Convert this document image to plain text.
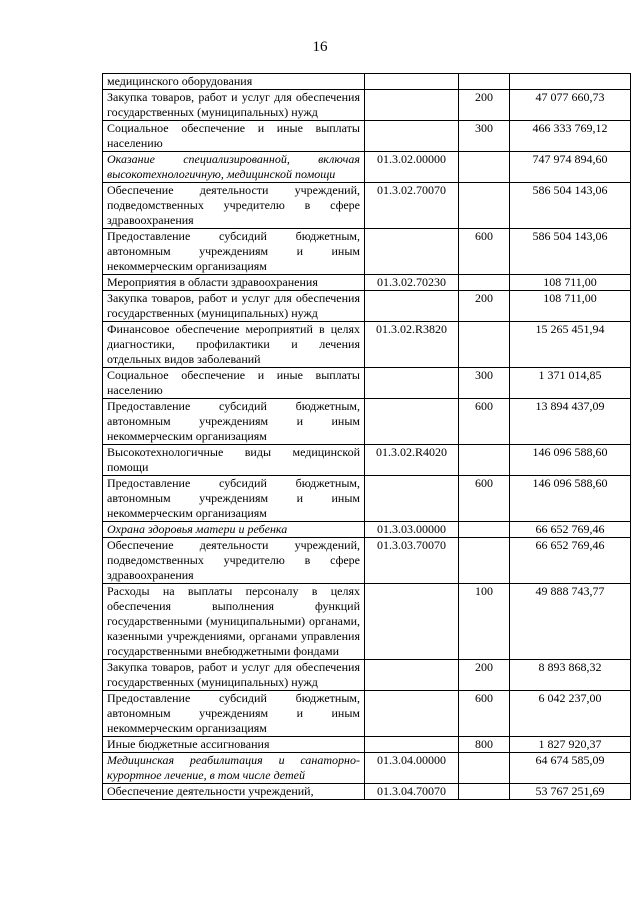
16
медицинского оборудования			
Закупка товаров, работ и услуг для обеспечения государственных (муниципальных) нужд		200	47 077 660,73
Социальное обеспечение и иные выплаты населению		300	466 333 769,12
Оказание специализированной, включая высокотехнологичную, медицинской помощи	01.3.02.00000		747 974 894,60
Обеспечение деятельности учреждений, подведомственных учредителю в сфере здравоохранения	01.3.02.70070		586 504 143,06
Предоставление субсидий бюджетным, автономным учреждениям и иным некоммерческим организациям		600	586 504 143,06
Мероприятия в области здравоохранения	01.3.02.70230		108 711,00
Закупка товаров, работ и услуг для обеспечения государственных (муниципальных) нужд		200	108 711,00
Финансовое обеспечение мероприятий в целях диагностики, профилактики и лечения отдельных видов заболеваний	01.3.02.R3820		15 265 451,94
Социальное обеспечение и иные выплаты населению		300	1 371 014,85
Предоставление субсидий бюджетным, автономным учреждениям и иным некоммерческим организациям		600	13 894 437,09
Высокотехнологичные виды медицинской помощи	01.3.02.R4020		146 096 588,60
Предоставление субсидий бюджетным, автономным учреждениям и иным некоммерческим организациям		600	146 096 588,60
Охрана здоровья матери и ребенка	01.3.03.00000		66 652 769,46
Обеспечение деятельности учреждений, подведомственных учредителю в сфере здравоохранения	01.3.03.70070		66 652 769,46
Расходы на выплаты персоналу в целях обеспечения выполнения функций государственными (муниципальными) органами, казенными учреждениями, органами управления государственными внебюджетными фондами		100	49 888 743,77
Закупка товаров, работ и услуг для обеспечения государственных (муниципальных) нужд		200	8 893 868,32
Предоставление субсидий бюджетным, автономным учреждениям и иным некоммерческим организациям		600	6 042 237,00
Иные бюджетные ассигнования		800	1 827 920,37
Медицинская реабилитация и санаторно-курортное лечение, в том числе детей	01.3.04.00000		64 674 585,09
Обеспечение деятельности учреждений,	01.3.04.70070		53 767 251,69
